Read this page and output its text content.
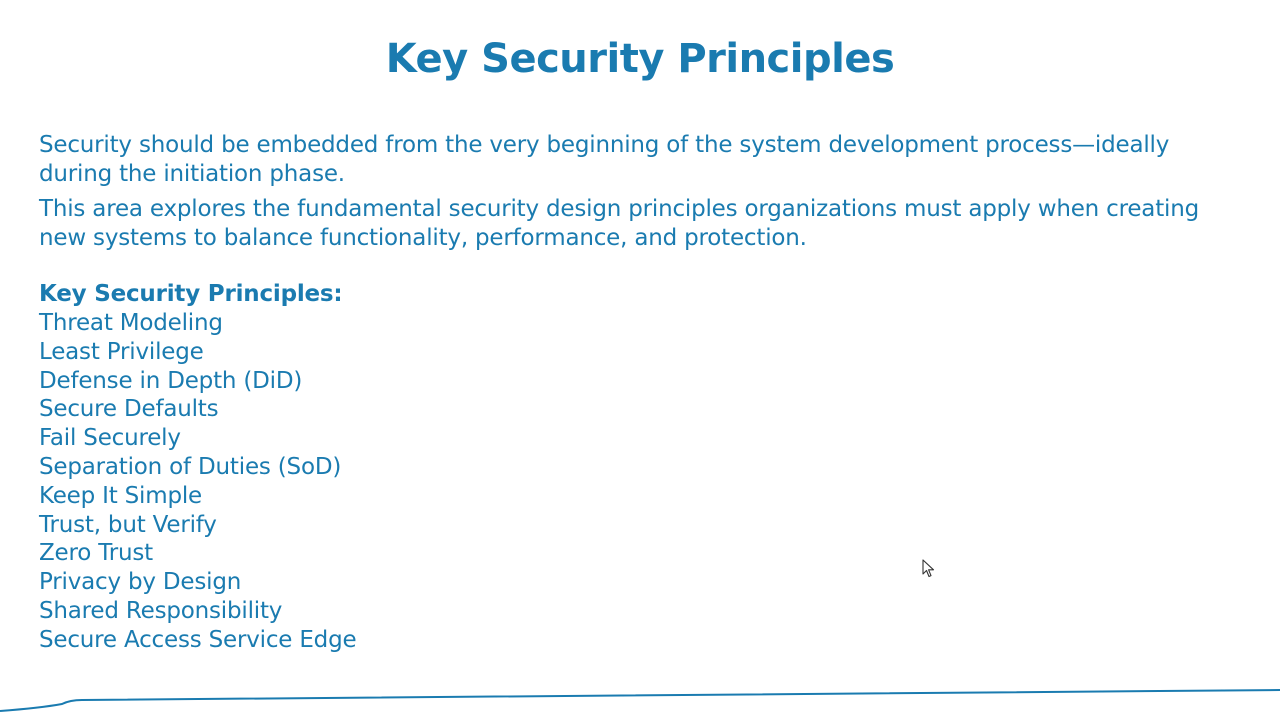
Key Security Principles

Security should be embedded from the very beginning of the system development process—ideally during the initiation phase.

This area explores the fundamental security design principles organizations must apply when creating new systems to balance functionality, performance, and protection.

Key Security Principles:
Threat Modeling
Least Privilege
Defense in Depth (DiD)
Secure Defaults
Fail Securely
Separation of Duties (SoD)
Keep It Simple
Trust, but Verify
Zero Trust
Privacy by Design
Shared Responsibility
Secure Access Service Edge
